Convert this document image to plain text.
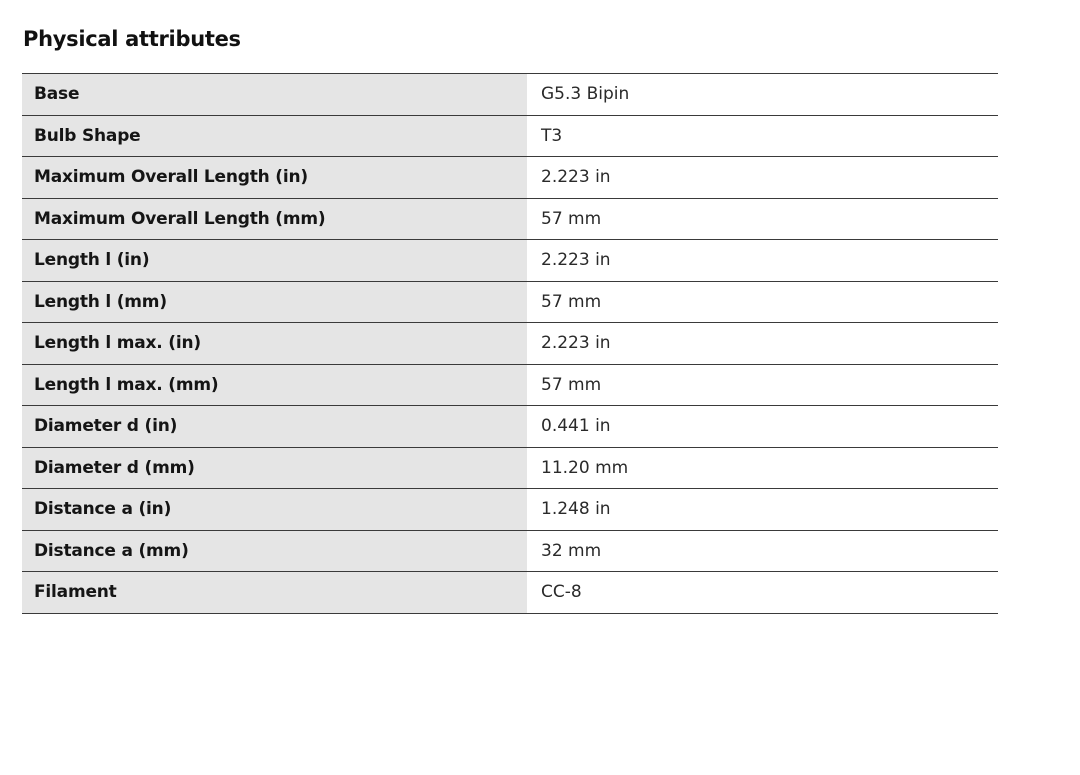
Physical attributes
Base	G5.3 Bipin
Bulb Shape	T3
Maximum Overall Length (in)	2.223 in
Maximum Overall Length (mm)	57 mm
Length l (in)	2.223 in
Length l (mm)	57 mm
Length l max. (in)	2.223 in
Length l max. (mm)	57 mm
Diameter d (in)	0.441 in
Diameter d (mm)	11.20 mm
Distance a (in)	1.248 in
Distance a (mm)	32 mm
Filament	CC-8
